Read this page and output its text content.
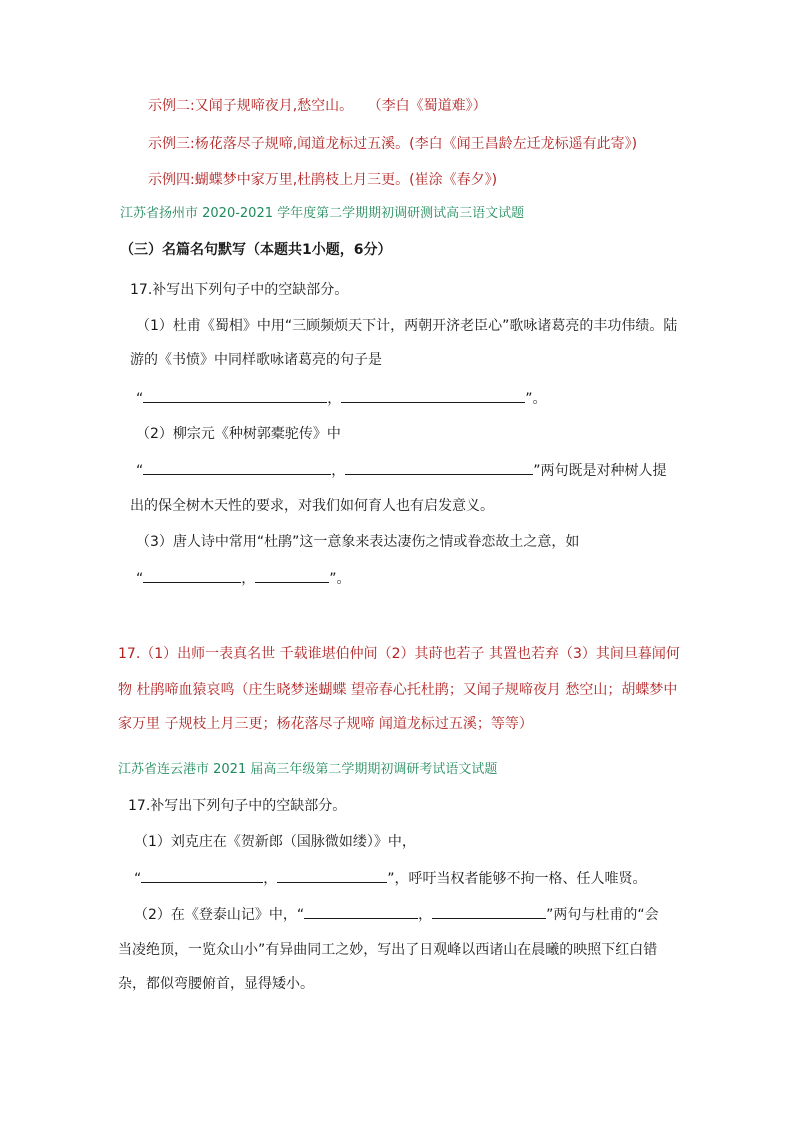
示例二:又闻子规啼夜月,愁空山。 （李白《蜀道难》）
示例三:杨花落尽子规啼,闻道龙标过五溪。(李白《闻王昌龄左迁龙标遥有此寄》)
示例四:蝴蝶梦中家万里,杜鹃枝上月三更。(崔涂《春夕》)
江苏省扬州市 2020-2021 学年度第二学期期初调研测试高三语文试题
（三）名篇名句默写（本题共1小题，6分）
17.补写出下列句子中的空缺部分。
（1）杜甫《蜀相》中用“三顾频烦天下计，两朝开济老臣心”歌咏诸葛亮的丰功伟绩。陆
游的《书愤》中同样歌咏诸葛亮的句子是
“	，	”。
（2）柳宗元《种树郭橐驼传》中
“	，	”两句既是对种树人提
出的保全树木天性的要求，对我们如何育人也有启发意义。
（3）唐人诗中常用“杜鹃”这一意象来表达凄伤之情或眷恋故土之意，如
“	，	”。
17.（1）出师一表真名世 千载谁堪伯仲间（2）其莳也若子 其置也若弃（3）其间旦暮闻何
物 杜鹃啼血猿哀鸣（庄生晓梦迷蝴蝶 望帝春心托杜鹃；又闻子规啼夜月 愁空山；胡蝶梦中
家万里 子规枝上月三更；杨花落尽子规啼 闻道龙标过五溪；等等）
江苏省连云港市 2021 届高三年级第二学期期初调研考试语文试题
17.补写出下列句子中的空缺部分。
（1）刘克庄在《贺新郎（国脉微如缕）》中，
“	，	”，呼吁当权者能够不拘一格、任人唯贤。
（2）在《登泰山记》中，“	，	”两句与杜甫的“会
当凌绝顶，一览众山小”有异曲同工之妙，写出了日观峰以西诸山在晨曦的映照下红白错
杂，都似弯腰俯首，显得矮小。
